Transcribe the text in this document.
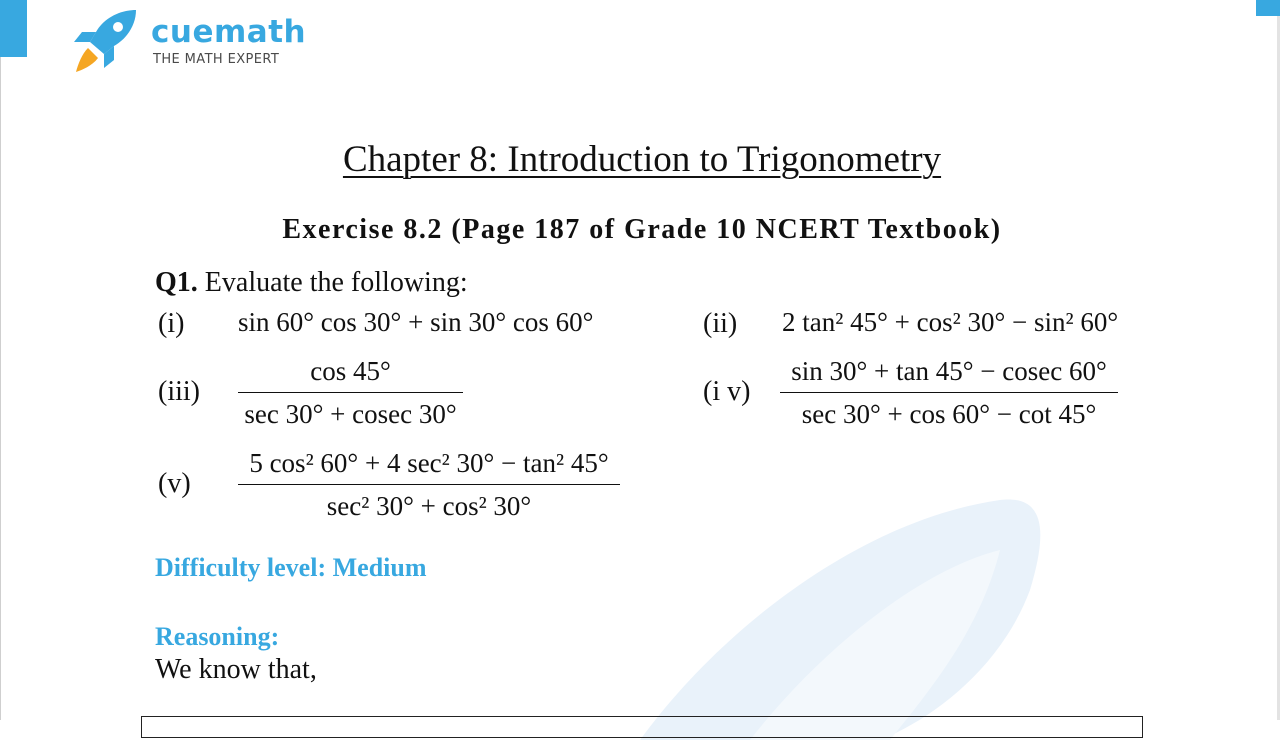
cuemath
THE MATH EXPERT
Chapter 8: Introduction to Trigonometry
Exercise 8.2 (Page 187 of Grade 10 NCERT Textbook)
Q1. Evaluate the following:
(i) sin 60° cos 30° + sin 30° cos 60°	(ii) 2 tan² 45° + cos² 30° − sin² 60°
(iii)
cos 45°
sec 30° + cosec 30°
(i v)
sin 30° + tan 45° − cosec 60°
sec 30° + cos 60° − cot 45°
(v)
5 cos² 60° + 4 sec² 30° − tan² 45°
sec² 30° + cos² 30°
Difficulty level: Medium
Reasoning:
We know that,
